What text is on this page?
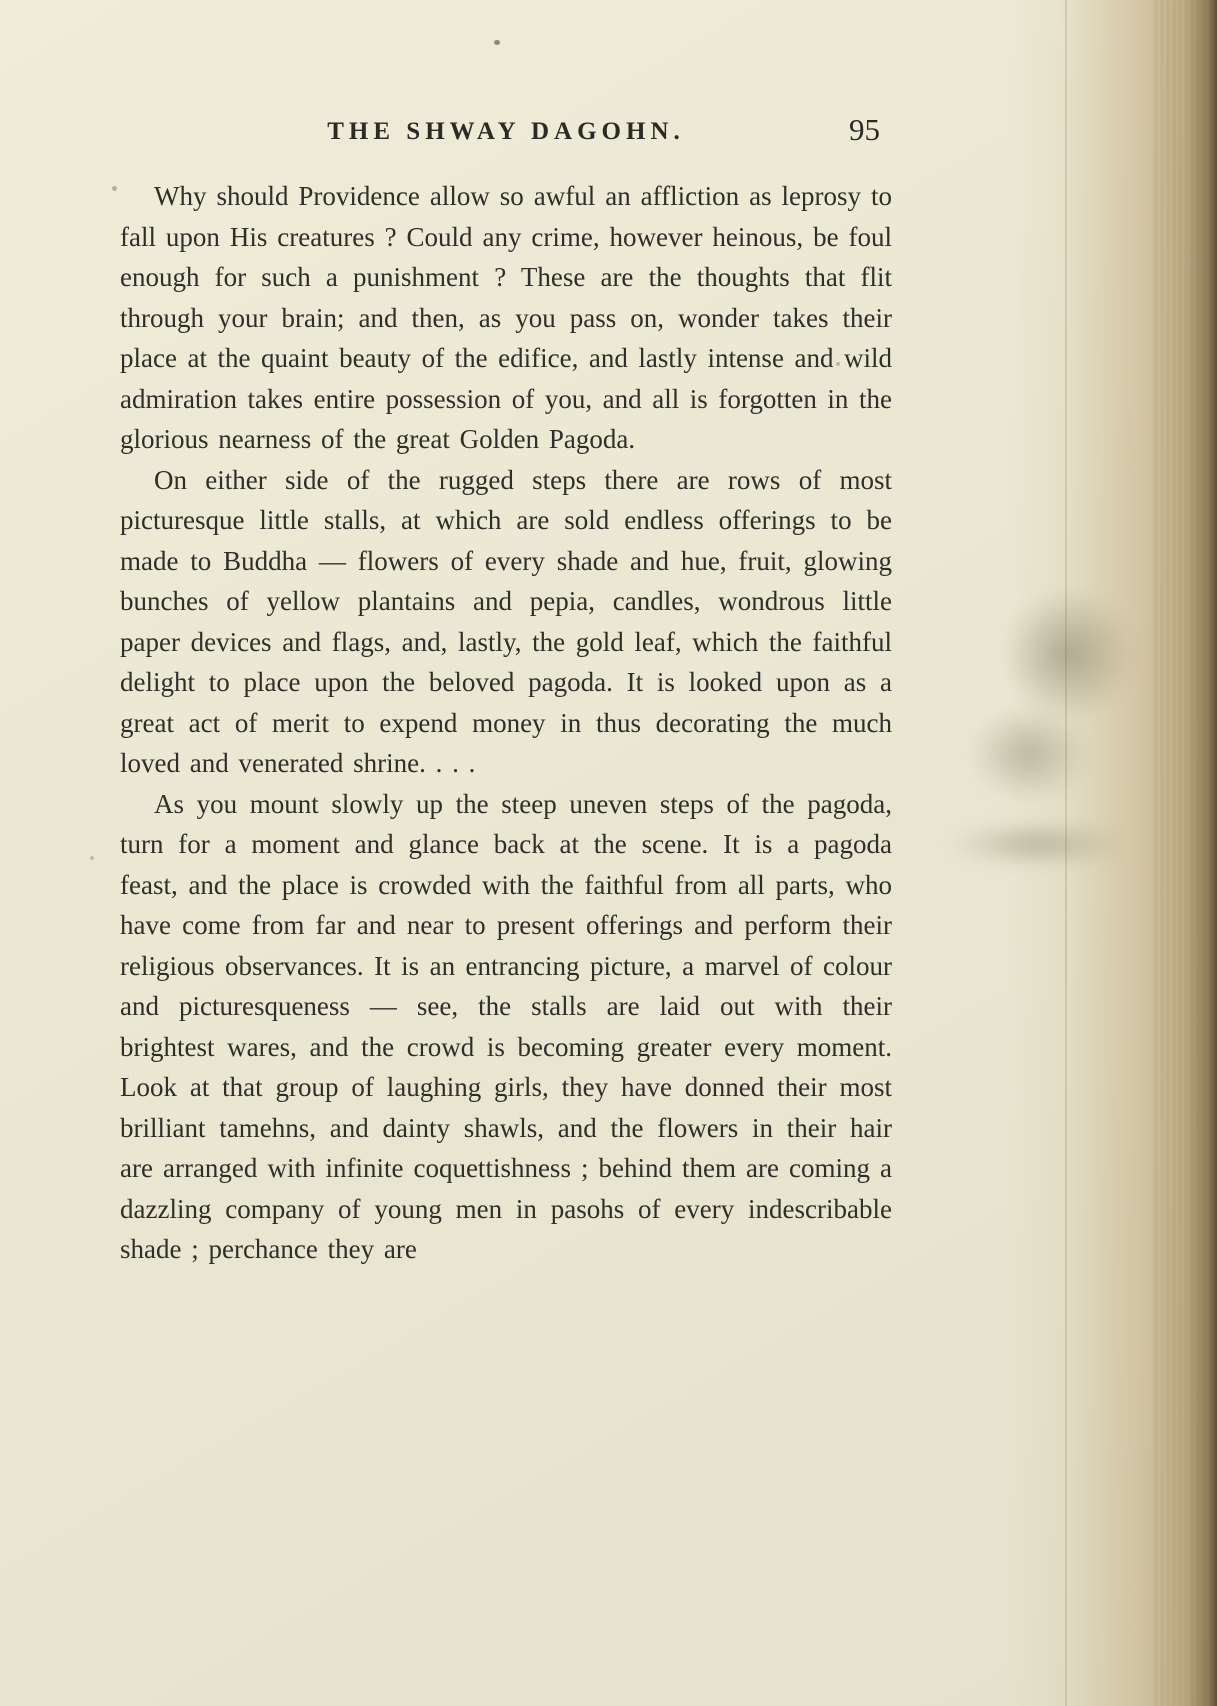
THE SHWAY DAGOHN.	95

Why should Providence allow so awful an affliction as leprosy to fall upon His creatures ? Could any crime, however heinous, be foul enough for such a punishment ? These are the thoughts that flit through your brain; and then, as you pass on, wonder takes their place at the quaint beauty of the edifice, and lastly intense and wild admiration takes entire possession of you, and all is forgotten in the glorious nearness of the great Golden Pagoda.

On either side of the rugged steps there are rows of most picturesque little stalls, at which are sold endless offerings to be made to Buddha — flowers of every shade and hue, fruit, glowing bunches of yellow plantains and pepia, candles, wondrous little paper devices and flags, and, lastly, the gold leaf, which the faithful delight to place upon the beloved pagoda. It is looked upon as a great act of merit to expend money in thus decorating the much loved and venerated shrine. . . .

As you mount slowly up the steep uneven steps of the pagoda, turn for a moment and glance back at the scene. It is a pagoda feast, and the place is crowded with the faithful from all parts, who have come from far and near to present offerings and perform their religious observances. It is an entrancing picture, a marvel of colour and picturesqueness — see, the stalls are laid out with their brightest wares, and the crowd is becoming greater every moment. Look at that group of laughing girls, they have donned their most brilliant tamehns, and dainty shawls, and the flowers in their hair are arranged with infinite coquettishness ; behind them are coming a dazzling company of young men in pasohs of every indescribable shade ; perchance they are
